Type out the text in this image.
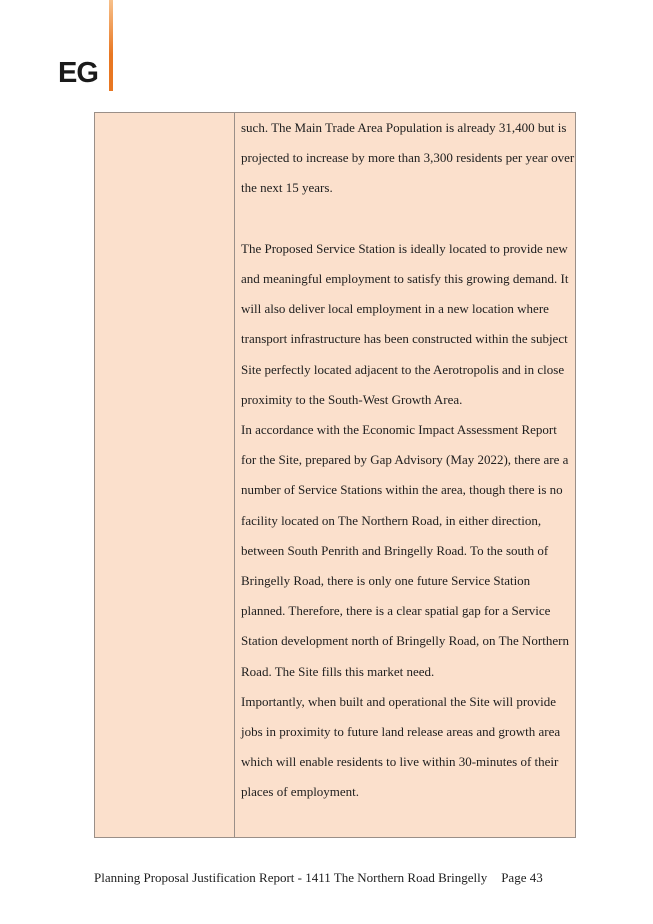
EG

such. The Main Trade Area Population is already 31,400 but is projected to increase by more than 3,300 residents per year over the next 15 years.

The Proposed Service Station is ideally located to provide new and meaningful employment to satisfy this growing demand. It will also deliver local employment in a new location where transport infrastructure has been constructed within the subject Site perfectly located adjacent to the Aerotropolis and in close proximity to the South-West Growth Area.

In accordance with the Economic Impact Assessment Report for the Site, prepared by Gap Advisory (May 2022), there are a number of Service Stations within the area, though there is no facility located on The Northern Road, in either direction, between South Penrith and Bringelly Road. To the south of Bringelly Road, there is only one future Service Station planned. Therefore, there is a clear spatial gap for a Service Station development north of Bringelly Road, on The Northern Road. The Site fills this market need.

Importantly, when built and operational the Site will provide jobs in proximity to future land release areas and growth area which will enable residents to live within 30-minutes of their places of employment.

Planning Proposal Justification Report - 1411 The Northern Road Bringelly Page 43
